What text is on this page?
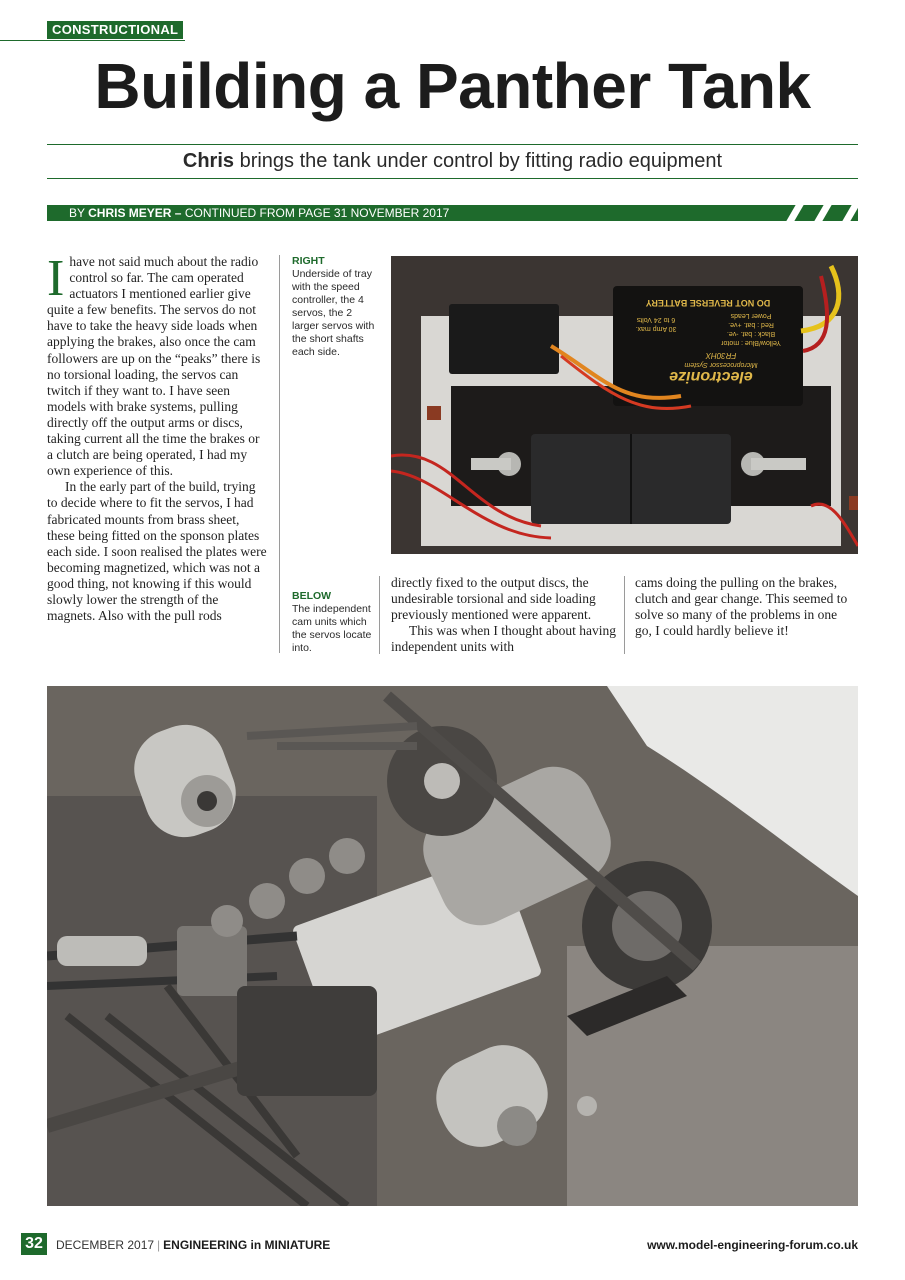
CONSTRUCTIONAL
Building a Panther Tank
Chris brings the tank under control by fitting radio equipment
BY CHRIS MEYER – CONTINUED FROM PAGE 31 NOVEMBER 2017

I have not said much about the radio control so far. The cam operated actuators I mentioned earlier give quite a few benefits. The servos do not have to take the heavy side loads when applying the brakes, also once the cam followers are up on the “peaks” there is no torsional loading, the servos can twitch if they want to. I have seen models with brake systems, pulling directly off the output arms or discs, taking current all the time the brakes or a clutch are being operated, I had my own experience of this.

In the early part of the build, trying to decide where to fit the servos, I had fabricated mounts from brass sheet, these being fitted on the sponson plates each side. I soon realised the plates were becoming magnetized, which was not a good thing, not knowing if this would slowly lower the strength of the magnets. Also with the pull rods

RIGHT
Underside of tray with the speed controller, the 4 servos, the 2 larger servos with the short shafts each side.
BELOW
The independent cam units which the servos locate into.
DO NOT REVERSE BATTERY
Power Leads
Red : bat. +ve.
Black : bat. -ve.
Yellow/Blue : motor
6 to 24 Volts
30 Amp max.
FR30HX
Microprocessor System
electronize

directly fixed to the output discs, the undesirable torsional and side loading previously mentioned were apparent.

This was when I thought about having independent units with

cams doing the pulling on the brakes, clutch and gear change. This seemed to solve so many of the problems in one go, I could hardly believe it!

32	DECEMBER 2017 | ENGINEERING in MINIATURE	www.model-engineering-forum.co.uk
